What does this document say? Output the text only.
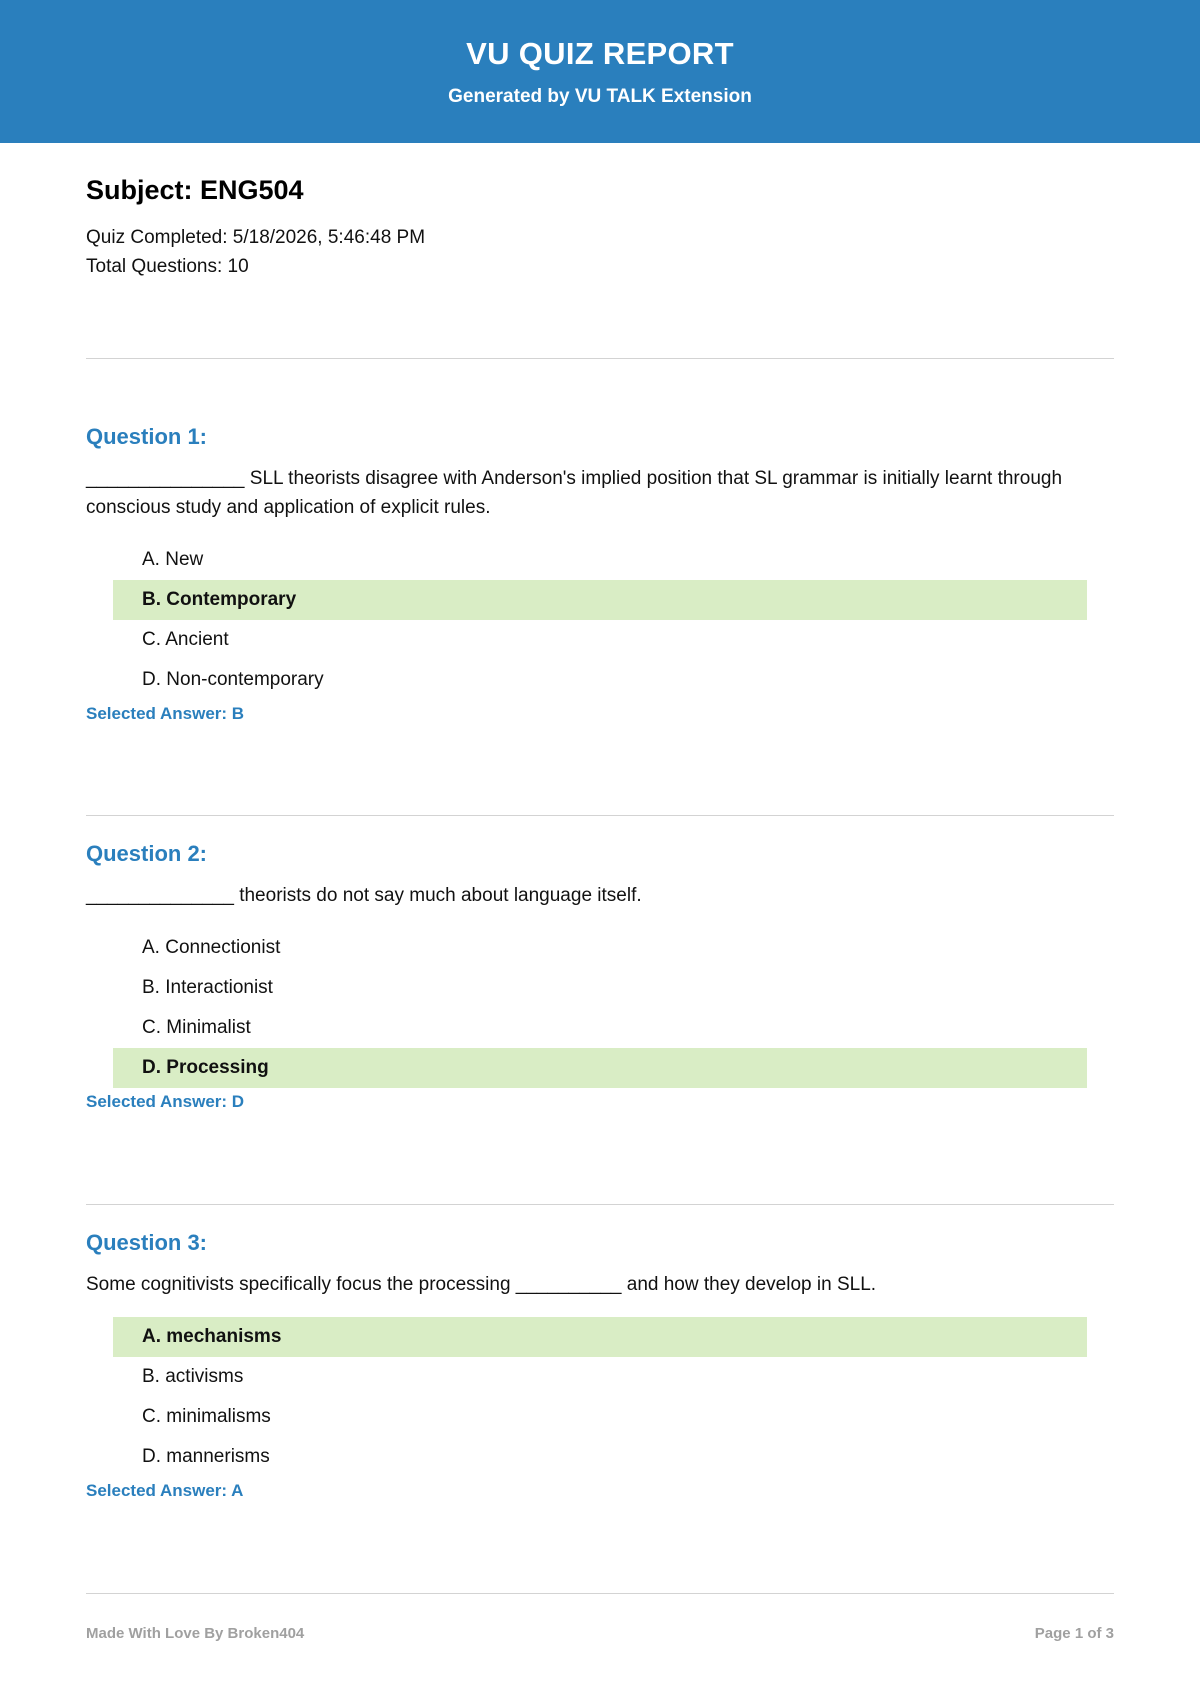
VU QUIZ REPORT
Generated by VU TALK Extension
Subject: ENG504
Quiz Completed: 5/18/2026, 5:46:48 PM
Total Questions: 10
Question 1:
_______________ SLL theorists disagree with Anderson's implied position that SL grammar is initially learnt through conscious study and application of explicit rules.
A. New
B. Contemporary
C. Ancient
D. Non-contemporary
Selected Answer: B
Question 2:
______________ theorists do not say much about language itself.
A. Connectionist
B. Interactionist
C. Minimalist
D. Processing
Selected Answer: D
Question 3:
Some cognitivists specifically focus the processing __________ and how they develop in SLL.
A. mechanisms
B. activisms
C. minimalisms
D. mannerisms
Selected Answer: A
Made With Love By Broken404	Page 1 of 3
